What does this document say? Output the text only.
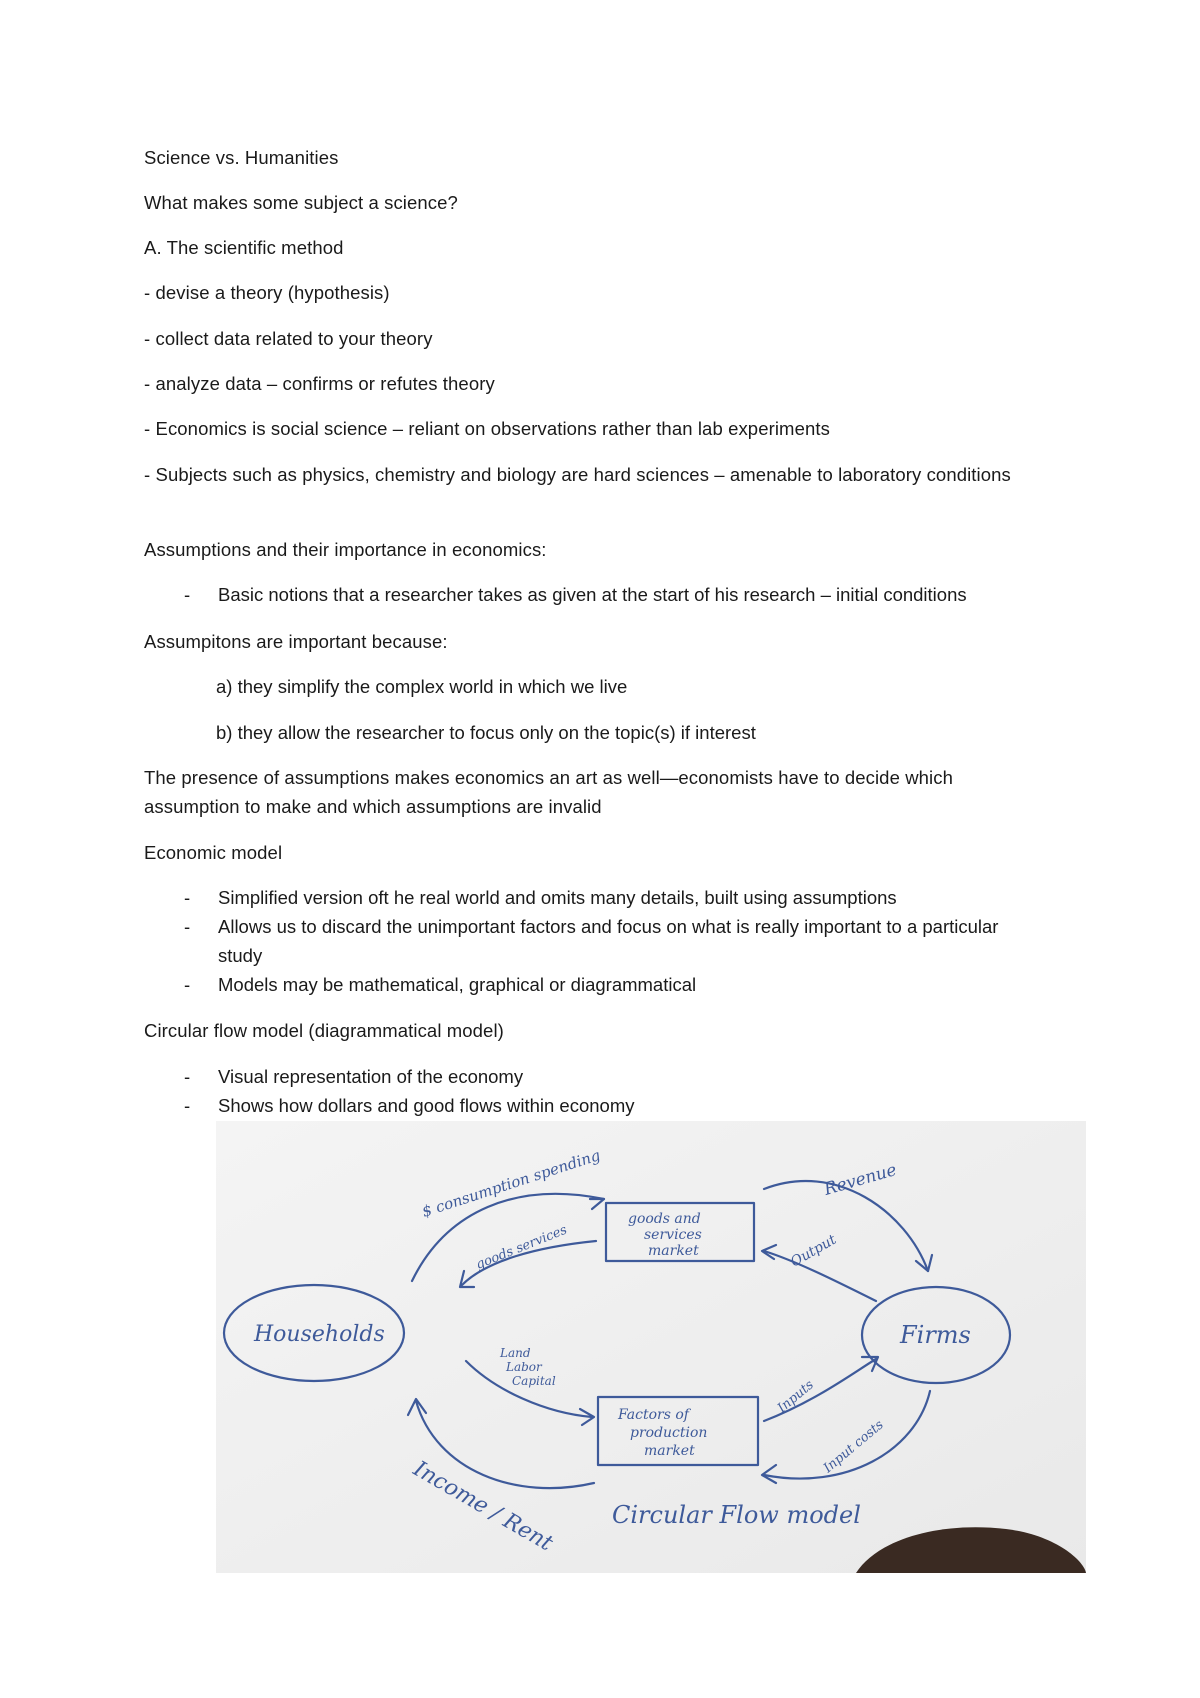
Science vs. Humanities
What makes some subject a science?
A. The scientific method
- devise a theory (hypothesis)
- collect data related to your theory
- analyze data – confirms or refutes theory
- Economics is social science – reliant on observations rather than lab experiments
- Subjects such as physics, chemistry and biology are hard sciences – amenable to laboratory conditions
Assumptions and their importance in economics:
-	Basic notions that a researcher takes as given at the start of his research – initial conditions
Assumpitons are important because:
a) they simplify the complex world in which we live
b) they allow the researcher to focus only on the topic(s) if interest
The presence of assumptions makes economics an art as well—economists have to decide which assumption to make and which assumptions are invalid
Economic model
-	Simplified version oft he real world and omits many details, built using assumptions
-	Allows us to discard the unimportant factors and focus on what is really important to a particular study
-	Models may be mathematical, graphical or diagrammatical
Circular flow model (diagrammatical model)
-	Visual representation of the economy
-	Shows how dollars and good flows within economy
Households	Firms
goods and
services
market
Factors of
production
market
$ consumption spending
goods services
Revenue
Output
Land
Labor
Capital	Inputs
Input costs
Income / Rent Circular Flow model
